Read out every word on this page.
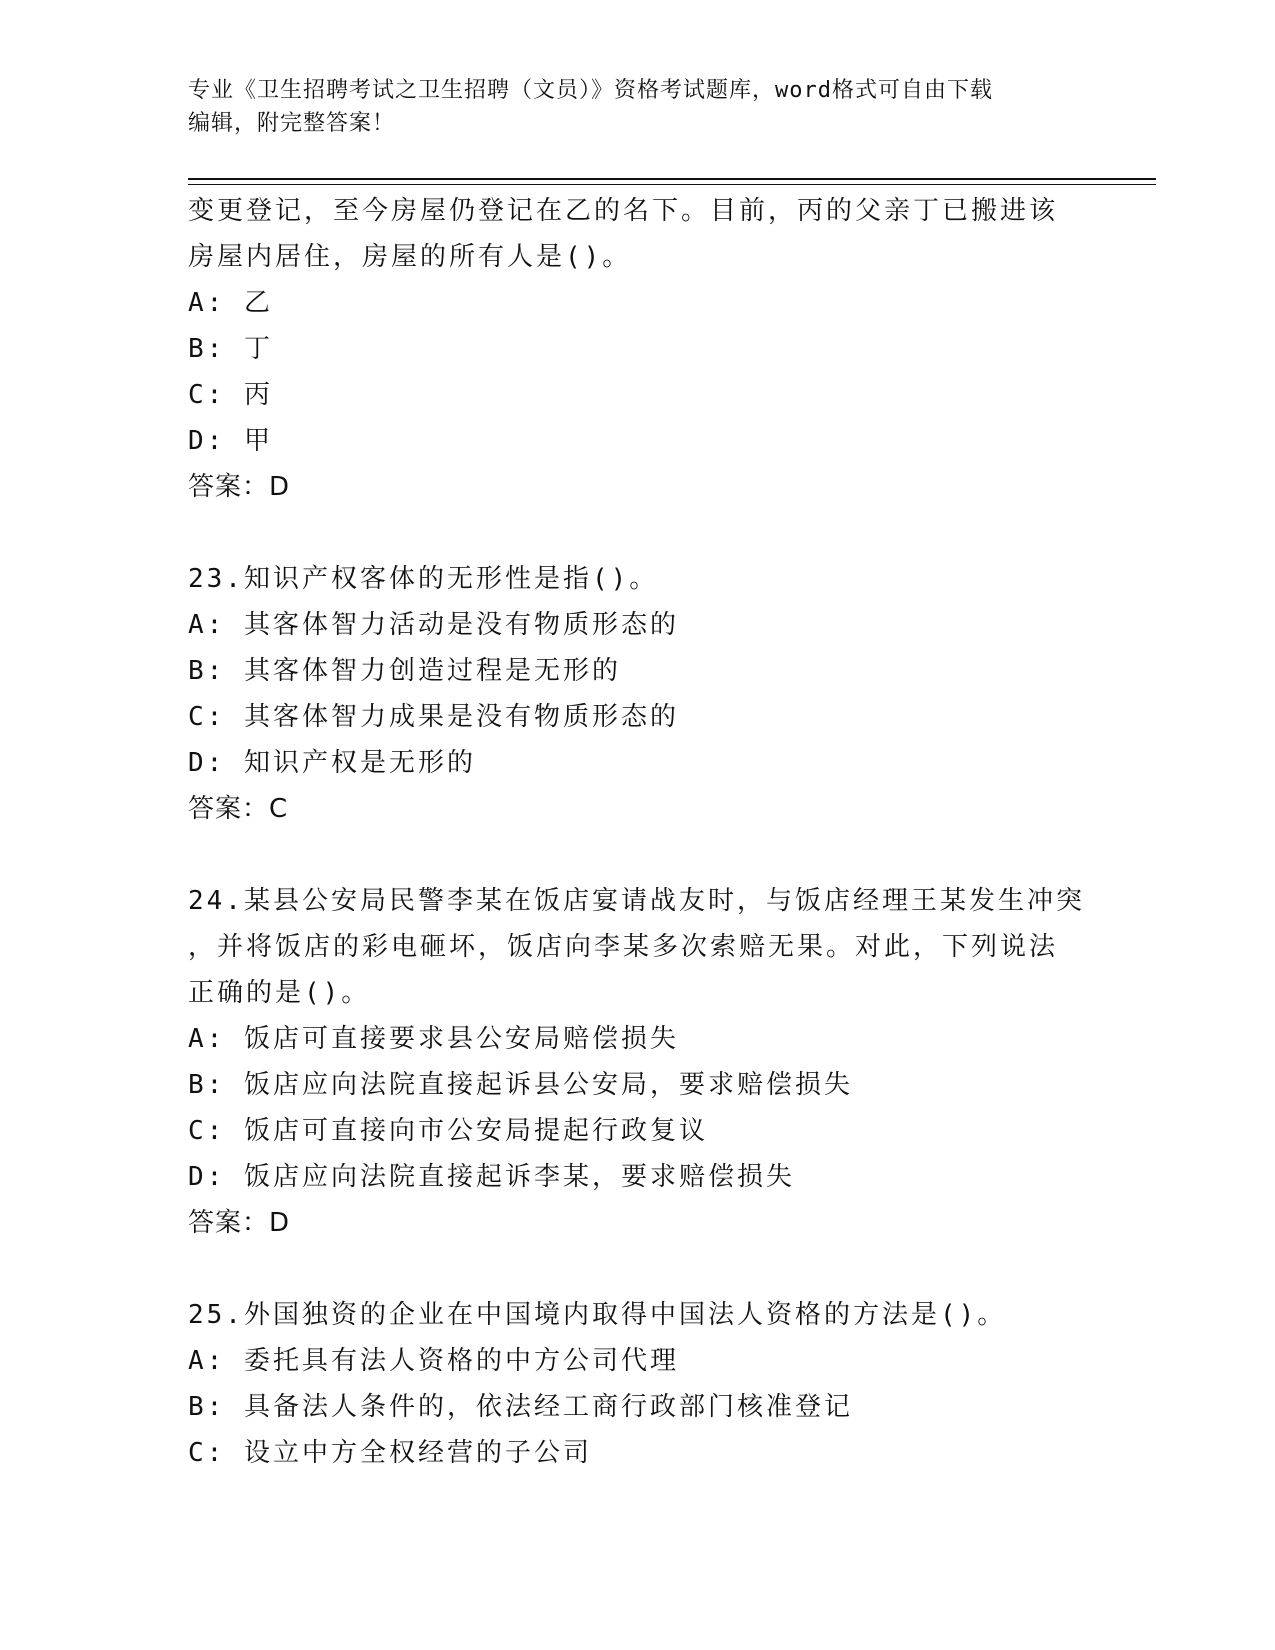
专业《卫生招聘考试之卫生招聘（文员）》资格考试题库，word格式可自由下载
编辑，附完整答案！
变更登记，至今房屋仍登记在乙的名下。目前，丙的父亲丁已搬进该
房屋内居住，房屋的所有人是()。
A: 乙
B: 丁
C: 丙
D: 甲
答案：D
23.知识产权客体的无形性是指()。
A: 其客体智力活动是没有物质形态的
B: 其客体智力创造过程是无形的
C: 其客体智力成果是没有物质形态的
D: 知识产权是无形的
答案：C
24.某县公安局民警李某在饭店宴请战友时，与饭店经理王某发生冲突
，并将饭店的彩电砸坏，饭店向李某多次索赔无果。对此，下列说法
正确的是()。
A: 饭店可直接要求县公安局赔偿损失
B: 饭店应向法院直接起诉县公安局，要求赔偿损失
C: 饭店可直接向市公安局提起行政复议
D: 饭店应向法院直接起诉李某，要求赔偿损失
答案：D
25.外国独资的企业在中国境内取得中国法人资格的方法是()。
A: 委托具有法人资格的中方公司代理
B: 具备法人条件的，依法经工商行政部门核准登记
C: 设立中方全权经营的子公司
